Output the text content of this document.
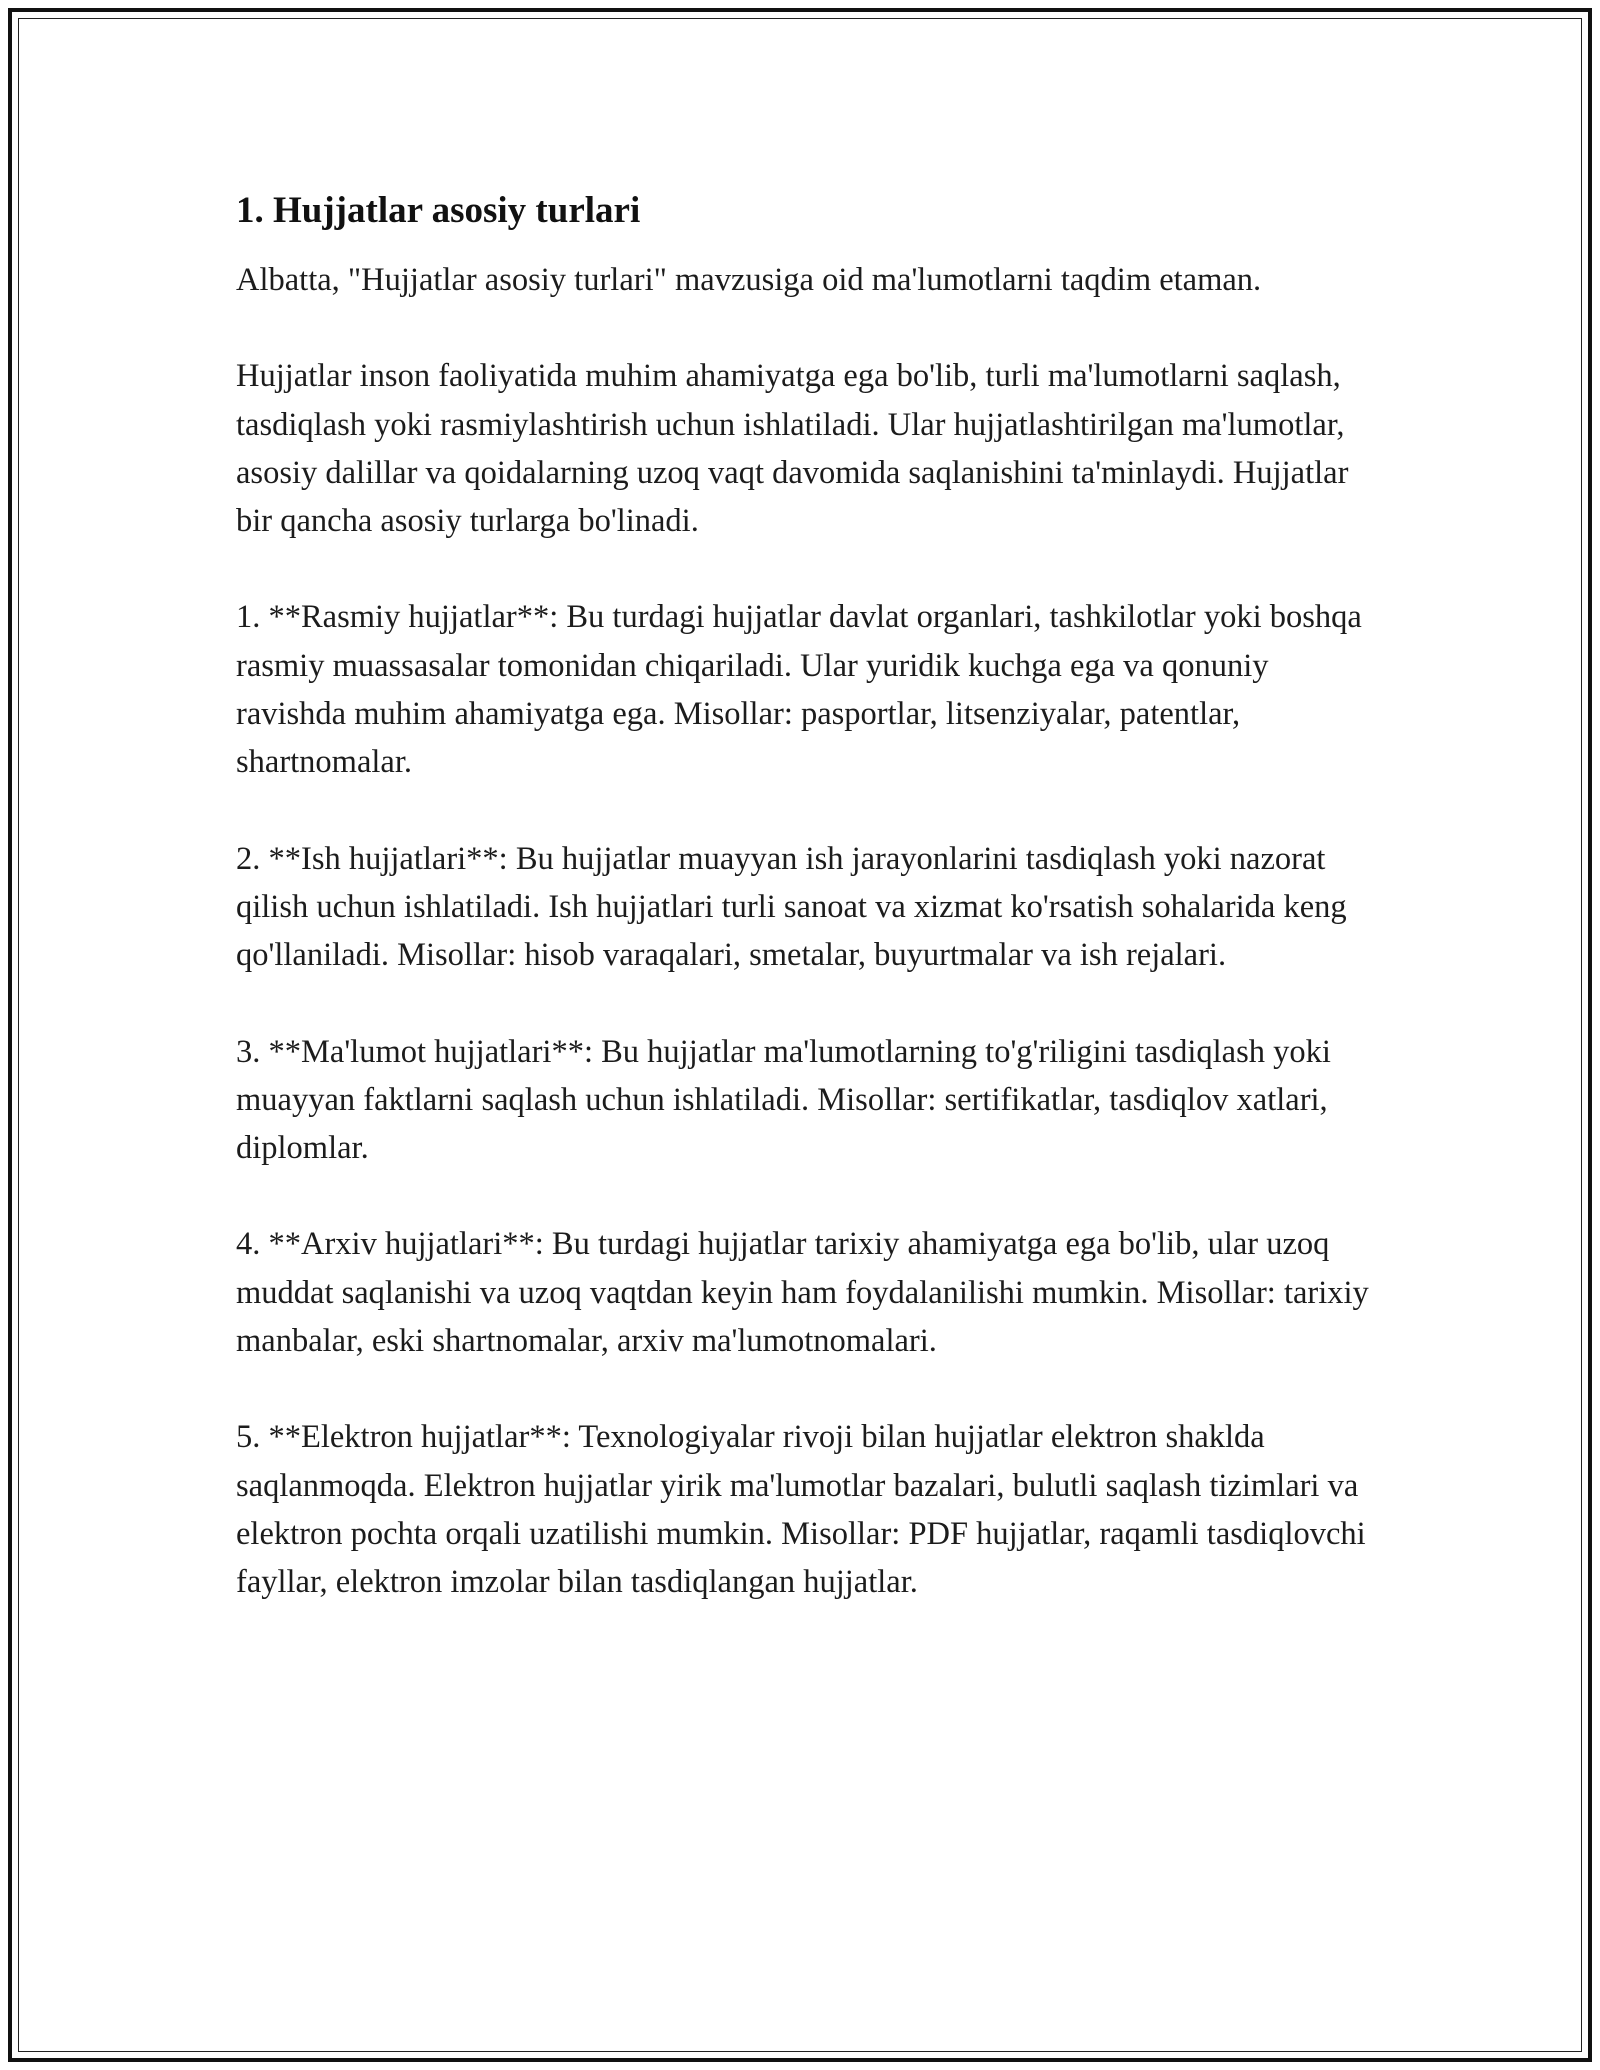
1. Hujjatlar asosiy turlari

Albatta, "Hujjatlar asosiy turlari" mavzusiga oid ma'lumotlarni taqdim etaman.

Hujjatlar inson faoliyatida muhim ahamiyatga ega bo'lib, turli ma'lumotlarni saqlash, tasdiqlash yoki rasmiylashtirish uchun ishlatiladi. Ular hujjatlashtirilgan ma'lumotlar, asosiy dalillar va qoidalarning uzoq vaqt davomida saqlanishini ta'minlaydi. Hujjatlar bir qancha asosiy turlarga bo'linadi.

1. **Rasmiy hujjatlar**: Bu turdagi hujjatlar davlat organlari, tashkilotlar yoki boshqa rasmiy muassasalar tomonidan chiqariladi. Ular yuridik kuchga ega va qonuniy ravishda muhim ahamiyatga ega. Misollar: pasportlar, litsenziyalar, patentlar, shartnomalar.

2. **Ish hujjatlari**: Bu hujjatlar muayyan ish jarayonlarini tasdiqlash yoki nazorat qilish uchun ishlatiladi. Ish hujjatlari turli sanoat va xizmat ko'rsatish sohalarida keng qo'llaniladi. Misollar: hisob varaqalari, smetalar, buyurtmalar va ish rejalari.

3. **Ma'lumot hujjatlari**: Bu hujjatlar ma'lumotlarning to'g'riligini tasdiqlash yoki muayyan faktlarni saqlash uchun ishlatiladi. Misollar: sertifikatlar, tasdiqlov xatlari, diplomlar.

4. **Arxiv hujjatlari**: Bu turdagi hujjatlar tarixiy ahamiyatga ega bo'lib, ular uzoq muddat saqlanishi va uzoq vaqtdan keyin ham foydalanilishi mumkin. Misollar: tarixiy manbalar, eski shartnomalar, arxiv ma'lumotnomalari.

5. **Elektron hujjatlar**: Texnologiyalar rivoji bilan hujjatlar elektron shaklda saqlanmoqda. Elektron hujjatlar yirik ma'lumotlar bazalari, bulutli saqlash tizimlari va elektron pochta orqali uzatilishi mumkin. Misollar: PDF hujjatlar, raqamli tasdiqlovchi fayllar, elektron imzolar bilan tasdiqlangan hujjatlar.
